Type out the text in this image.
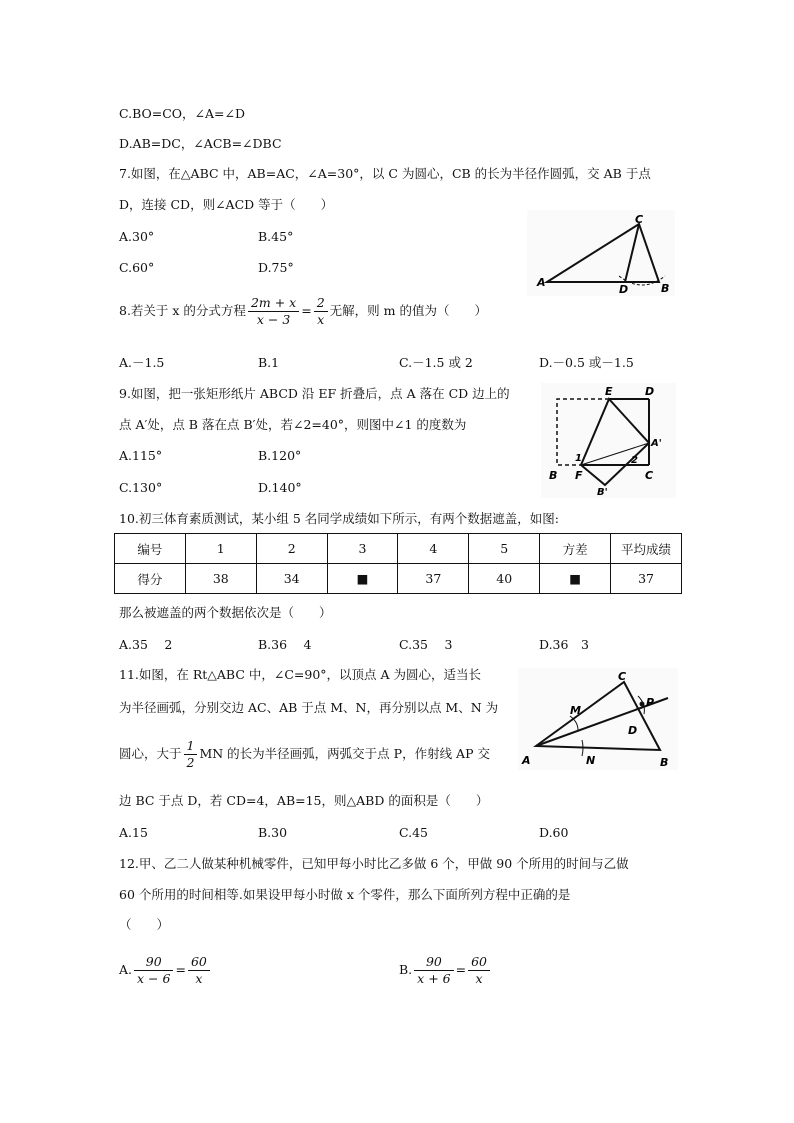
C.BO=CO，∠A=∠D
D.AB=DC，∠ACB=∠DBC
7.如图，在△ABC 中，AB=AC，∠A=30°，以 C 为圆心，CB 的长为半径作圆弧，交 AB 于点
D，连接 CD，则∠ACD 等于（　　）
A.30°	B.45°
C.60°	D.75°
C
A
D	B
8.若关于 x 的分式方程 $\frac{2m + x}{x - 3} = \frac{2}{x}$ 无解，则 m 的值为（　　）
A.－1.5	B.1	C.－1.5 或 2	D.－0.5 或－1.5
9.如图，把一张矩形纸片 ABCD 沿 EF 折叠后，点 A 落在 CD 边上的
点 A′处，点 B 落在点 B′处，若∠2=40°，则图中∠1 的度数为
A.115°	B.120°
C.130°	D.140°
E	D
A'
1	2
B F	C
B'
10.初三体育素质测试，某小组 5 名同学成绩如下所示，有两个数据遮盖，如图:
编号	1	2	3	4	5	方差	平均成绩
得分	38	34	■	37	40	■	37
那么被遮盖的两个数据依次是（　　）
A.35　 2	B.36　 4	C.35　 3	D.36　3
11.如图，在 Rt△ABC 中，∠C=90°，以顶点 A 为圆心，适当长
为半径画弧，分别交边 AC、AB 于点 M、N，再分别以点 M、N 为
圆心，大于 $\frac{1}{2}$ MN 的长为半径画弧，两弧交于点 P，作射线 AP 交
边 BC 于点 D，若 CD=4，AB=15，则△ABD 的面积是（　　）
A.15	B.30	C.45	D.60
C
M
P
D
A	N	B
12.甲、乙二人做某种机械零件，已知甲每小时比乙多做 6 个，甲做 90 个所用的时间与乙做
60 个所用的时间相等.如果设甲每小时做 x 个零件，那么下面所列方程中正确的是
（　　）
A. $\frac{90}{x - 6} = \frac{60}{x}$	B. $\frac{90}{x + 6} = \frac{60}{x}$
